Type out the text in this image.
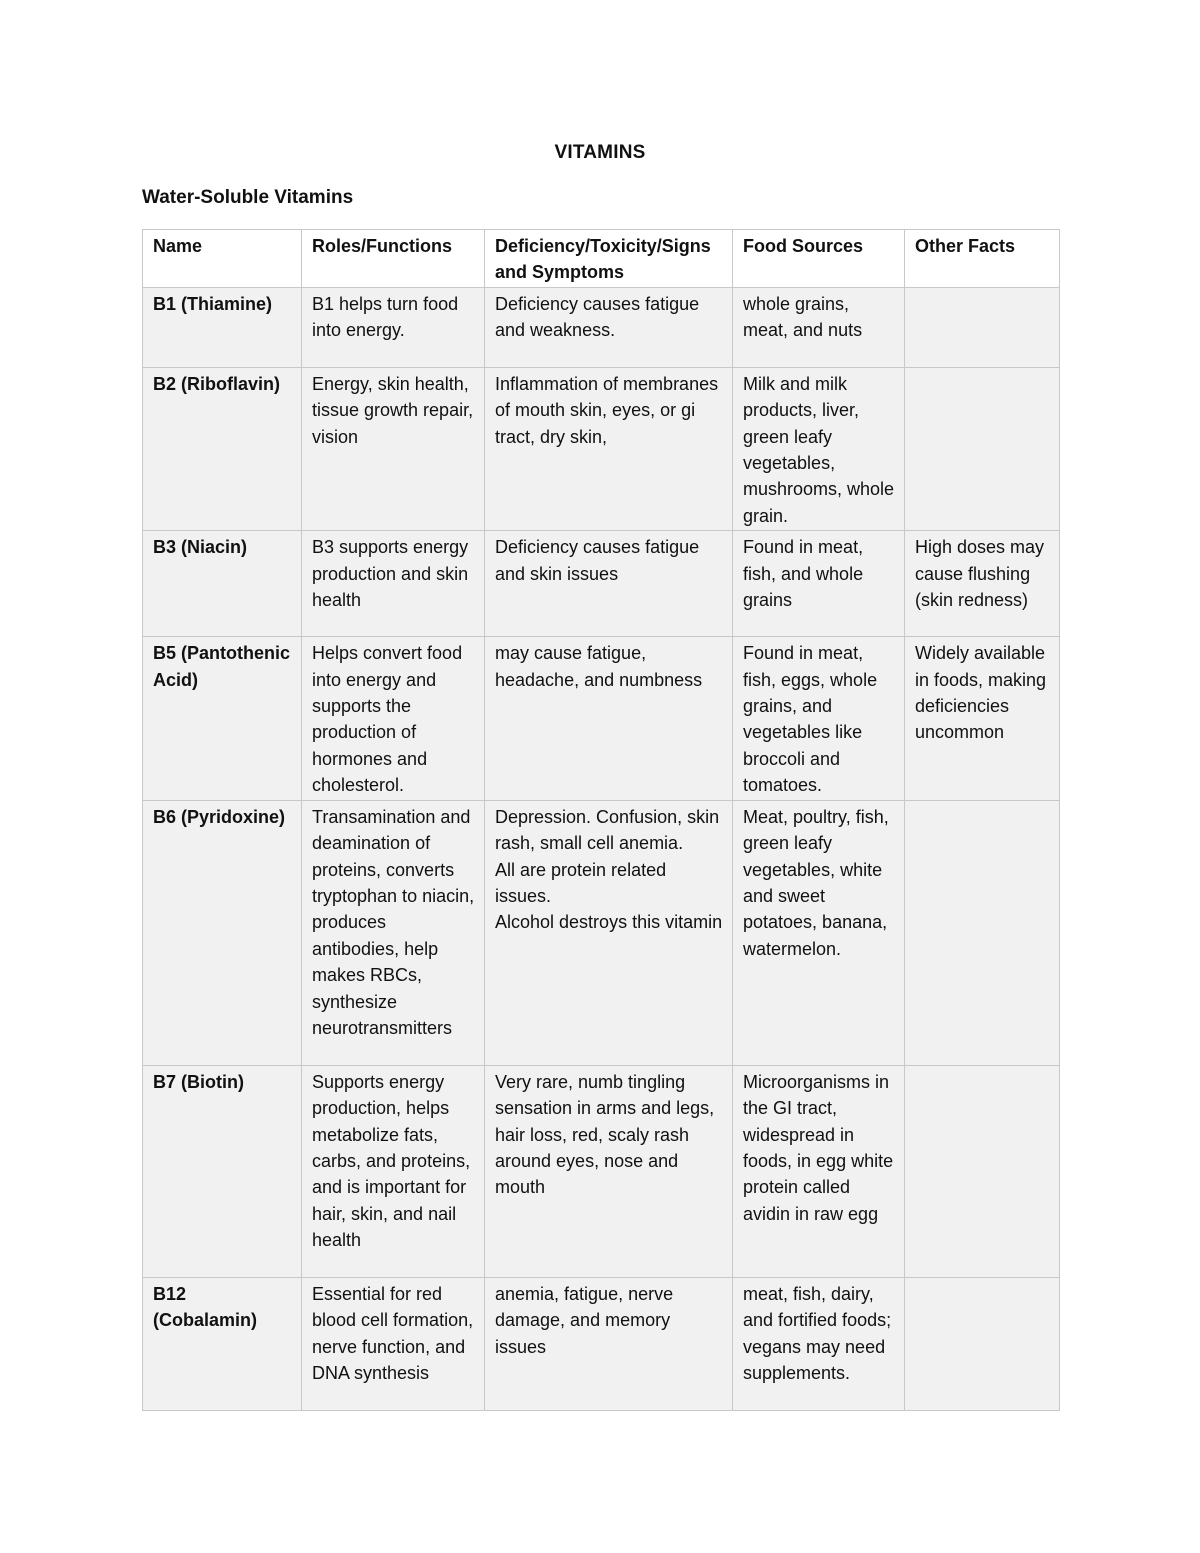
VITAMINS
Water-Soluble Vitamins
Name	Roles/Functions	Deficiency/Toxicity/Signs and Symptoms	Food Sources	Other Facts
B1 (Thiamine)	B1 helps turn food into energy.	Deficiency causes fatigue and weakness.	whole grains, meat, and nuts	
B2 (Riboflavin)	Energy, skin health, tissue growth repair, vision	Inflammation of membranes of mouth skin, eyes, or gi tract, dry skin,	Milk and milk products, liver, green leafy vegetables, mushrooms, whole grain.	
B3 (Niacin)	B3 supports energy production and skin health	Deficiency causes fatigue and skin issues	Found in meat, fish, and whole grains	High doses may cause flushing (skin redness)
B5 (Pantothenic Acid)	Helps convert food into energy and supports the production of hormones and cholesterol.	may cause fatigue, headache, and numbness	Found in meat, fish, eggs, whole grains, and vegetables like broccoli and tomatoes.	Widely available in foods, making deficiencies uncommon
B6 (Pyridoxine)	Transamination and deamination of proteins, converts tryptophan to niacin, produces antibodies, help makes RBCs, synthesize neurotransmitters	Depression. Confusion, skin rash, small cell anemia.
All are protein related issues.
Alcohol destroys this vitamin	Meat, poultry, fish, green leafy vegetables, white and sweet potatoes, banana, watermelon.	
B7 (Biotin)	Supports energy production, helps metabolize fats, carbs, and proteins, and is important for hair, skin, and nail health	Very rare, numb tingling sensation in arms and legs, hair loss, red, scaly rash around eyes, nose and mouth	Microorganisms in the GI tract, widespread in foods, in egg white protein called avidin in raw egg	
B12 (Cobalamin)	Essential for red blood cell formation, nerve function, and DNA synthesis	anemia, fatigue, nerve damage, and memory issues	meat, fish, dairy, and fortified foods; vegans may need supplements.	
